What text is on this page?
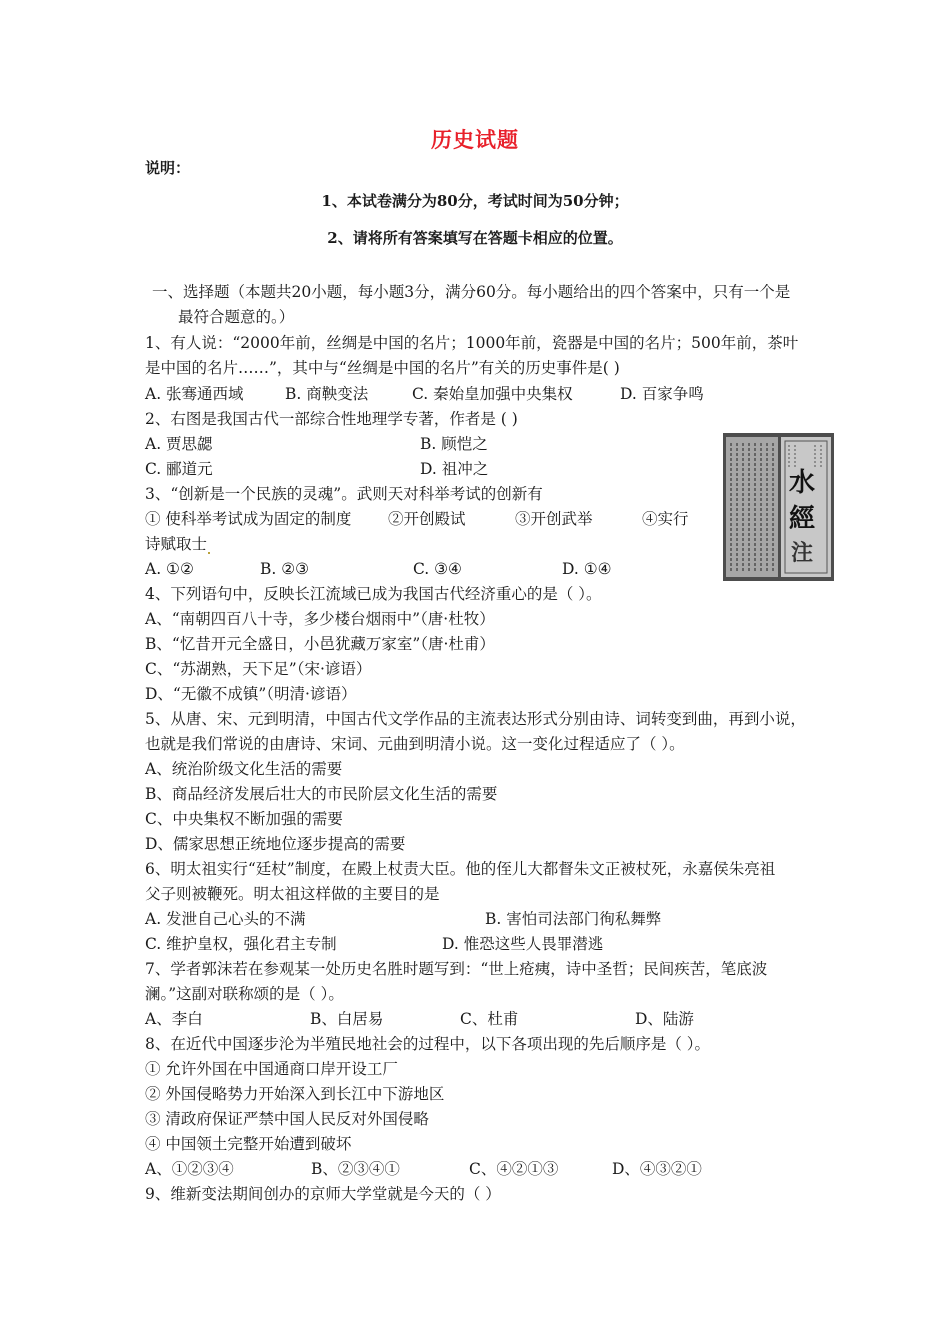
历史试题
说明：
1、本试卷满分为80分，考试时间为50分钟；
2、请将所有答案填写在答题卡相应的位置。
一、选择题（本题共20小题，每小题3分，满分60分。每小题给出的四个答案中，只有一个是
最符合题意的。）
1、有人说：“2000年前，丝绸是中国的名片；1000年前，瓷器是中国的名片；500年前，茶叶
是中国的名片……”，其中与“丝绸是中国的名片”有关的历史事件是( )
A. 张骞通西域	B. 商鞅变法	C. 秦始皇加强中央集权	D. 百家争鸣
2、右图是我国古代一部综合性地理学专著，作者是 ( )
A. 贾思勰	B. 顾恺之
C. 郦道元	D. 祖冲之
3、“创新是一个民族的灵魂”。武则天对科举考试的创新有
① 使科举考试成为固定的制度 ②开创殿试	③开创武举	④实行
诗赋取士
A. ①②	B. ②③	C. ③④	D. ①④
水
經
注
4、下列语句中，反映长江流域已成为我国古代经济重心的是（ ）。
A、“南朝四百八十寺，多少楼台烟雨中”（唐·杜牧）
B、“忆昔开元全盛日，小邑犹藏万家室”（唐·杜甫）
C、“苏湖熟，天下足”（宋·谚语）
D、“无徽不成镇”（明清·谚语）
5、从唐、宋、元到明清，中国古代文学作品的主流表达形式分别由诗、词转变到曲，再到小说，
也就是我们常说的由唐诗、宋词、元曲到明清小说。这一变化过程适应了（ ）。
A、统治阶级文化生活的需要
B、商品经济发展后壮大的市民阶层文化生活的需要
C、中央集权不断加强的需要
D、儒家思想正统地位逐步提高的需要
6、明太祖实行“廷杖”制度，在殿上杖责大臣。他的侄儿大都督朱文正被杖死，永嘉侯朱亮祖
父子则被鞭死。明太祖这样做的主要目的是
A. 发泄自己心头的不满	B. 害怕司法部门徇私舞弊
C. 维护皇权，强化君主专制	D. 惟恐这些人畏罪潜逃
7、学者郭沫若在参观某一处历史名胜时题写到：“世上疮痍，诗中圣哲；民间疾苦，笔底波
澜。”这副对联称颂的是（ ）。
A、李白	B、白居易	C、杜甫	D、陆游
8、在近代中国逐步沦为半殖民地社会的过程中，以下各项出现的先后顺序是（ ）。
① 允许外国在中国通商口岸开设工厂
② 外国侵略势力开始深入到长江中下游地区
③ 清政府保证严禁中国人民反对外国侵略
④ 中国领土完整开始遭到破坏
A、①②③④	B、②③④①	C、④②①③	D、④③②①
9、维新变法期间创办的京师大学堂就是今天的（ ）
